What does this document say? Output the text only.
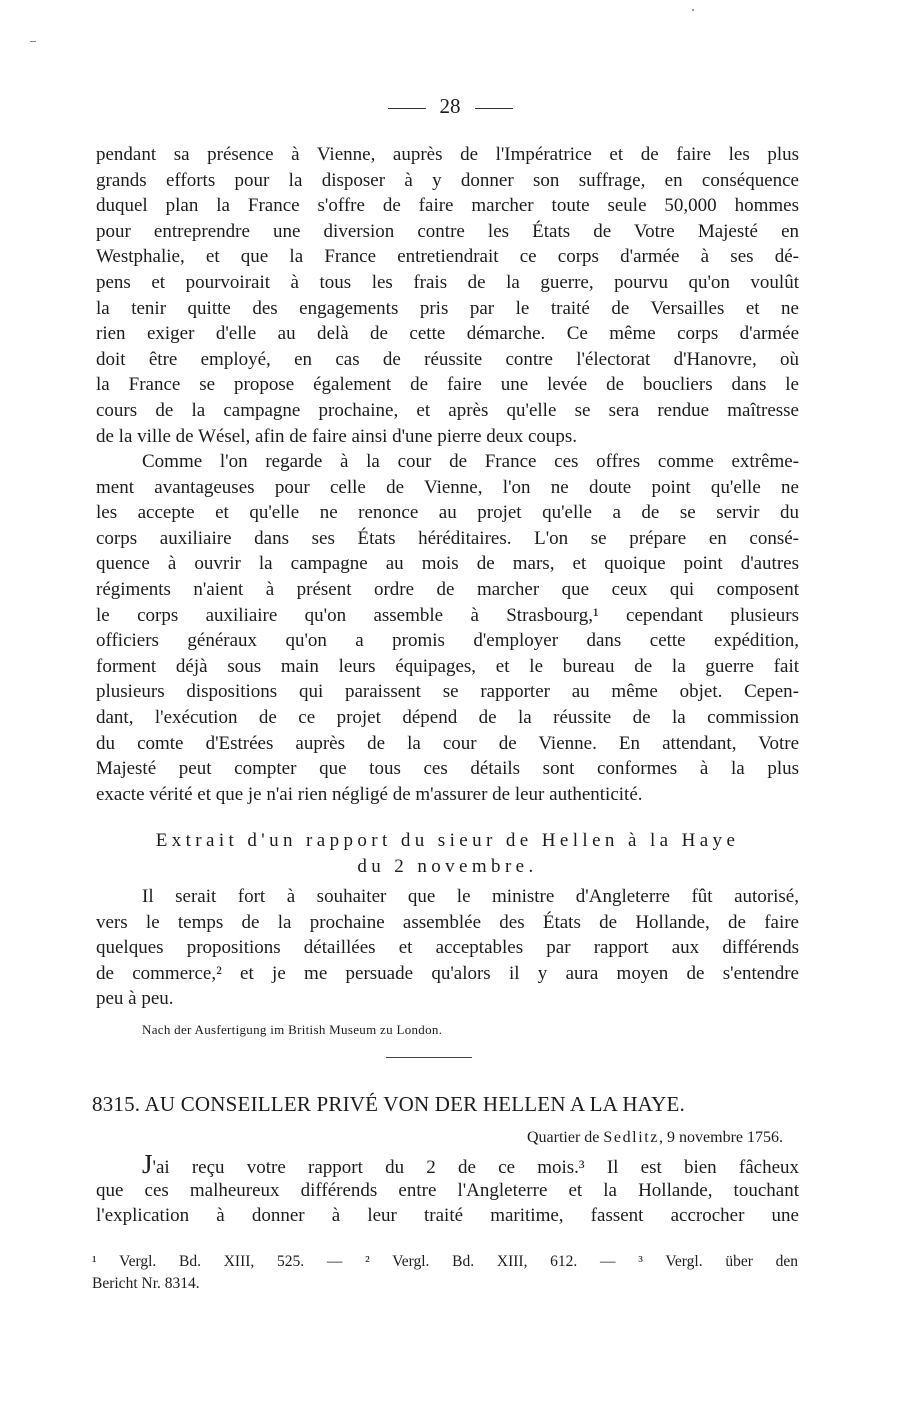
28
pendant sa présence à Vienne, auprès de l'Impératrice et de faire les plus
grands efforts pour la disposer à y donner son suffrage, en conséquence
duquel plan la France s'offre de faire marcher toute seule 50,000 hommes
pour entreprendre une diversion contre les États de Votre Majesté en
Westphalie, et que la France entretiendrait ce corps d'armée à ses dé-
pens et pourvoirait à tous les frais de la guerre, pourvu qu'on voulût
la tenir quitte des engagements pris par le traité de Versailles et ne
rien exiger d'elle au delà de cette démarche. Ce même corps d'armée
doit être employé, en cas de réussite contre l'électorat d'Hanovre, où
la France se propose également de faire une levée de boucliers dans le
cours de la campagne prochaine, et après qu'elle se sera rendue maîtresse
de la ville de Wésel, afin de faire ainsi d'une pierre deux coups.
Comme l'on regarde à la cour de France ces offres comme extrême-
ment avantageuses pour celle de Vienne, l'on ne doute point qu'elle ne
les accepte et qu'elle ne renonce au projet qu'elle a de se servir du
corps auxiliaire dans ses États héréditaires. L'on se prépare en consé-
quence à ouvrir la campagne au mois de mars, et quoique point d'autres
régiments n'aient à présent ordre de marcher que ceux qui composent
le corps auxiliaire qu'on assemble à Strasbourg,¹ cependant plusieurs
officiers généraux qu'on a promis d'employer dans cette expédition,
forment déjà sous main leurs équipages, et le bureau de la guerre fait
plusieurs dispositions qui paraissent se rapporter au même objet. Cepen-
dant, l'exécution de ce projet dépend de la réussite de la commission
du comte d'Estrées auprès de la cour de Vienne. En attendant, Votre
Majesté peut compter que tous ces détails sont conformes à la plus
exacte vérité et que je n'ai rien négligé de m'assurer de leur authenticité.
Extrait d'un rapport du sieur de Hellen à la Haye
du 2 novembre.
Il serait fort à souhaiter que le ministre d'Angleterre fût autorisé,
vers le temps de la prochaine assemblée des États de Hollande, de faire
quelques propositions détaillées et acceptables par rapport aux différends
de commerce,² et je me persuade qu'alors il y aura moyen de s'entendre
peu à peu.
Nach der Ausfertigung im British Museum zu London.
8315. AU CONSEILLER PRIVÉ VON DER HELLEN A LA HAYE.
Quartier de Sedlitz, 9 novembre 1756.
J'ai reçu votre rapport du 2 de ce mois.³ Il est bien fâcheux
que ces malheureux différends entre l'Angleterre et la Hollande, touchant
l'explication à donner à leur traité maritime, fassent accrocher une
¹ Vergl. Bd. XIII, 525. — ² Vergl. Bd. XIII, 612. — ³ Vergl. über den
Bericht Nr. 8314.
